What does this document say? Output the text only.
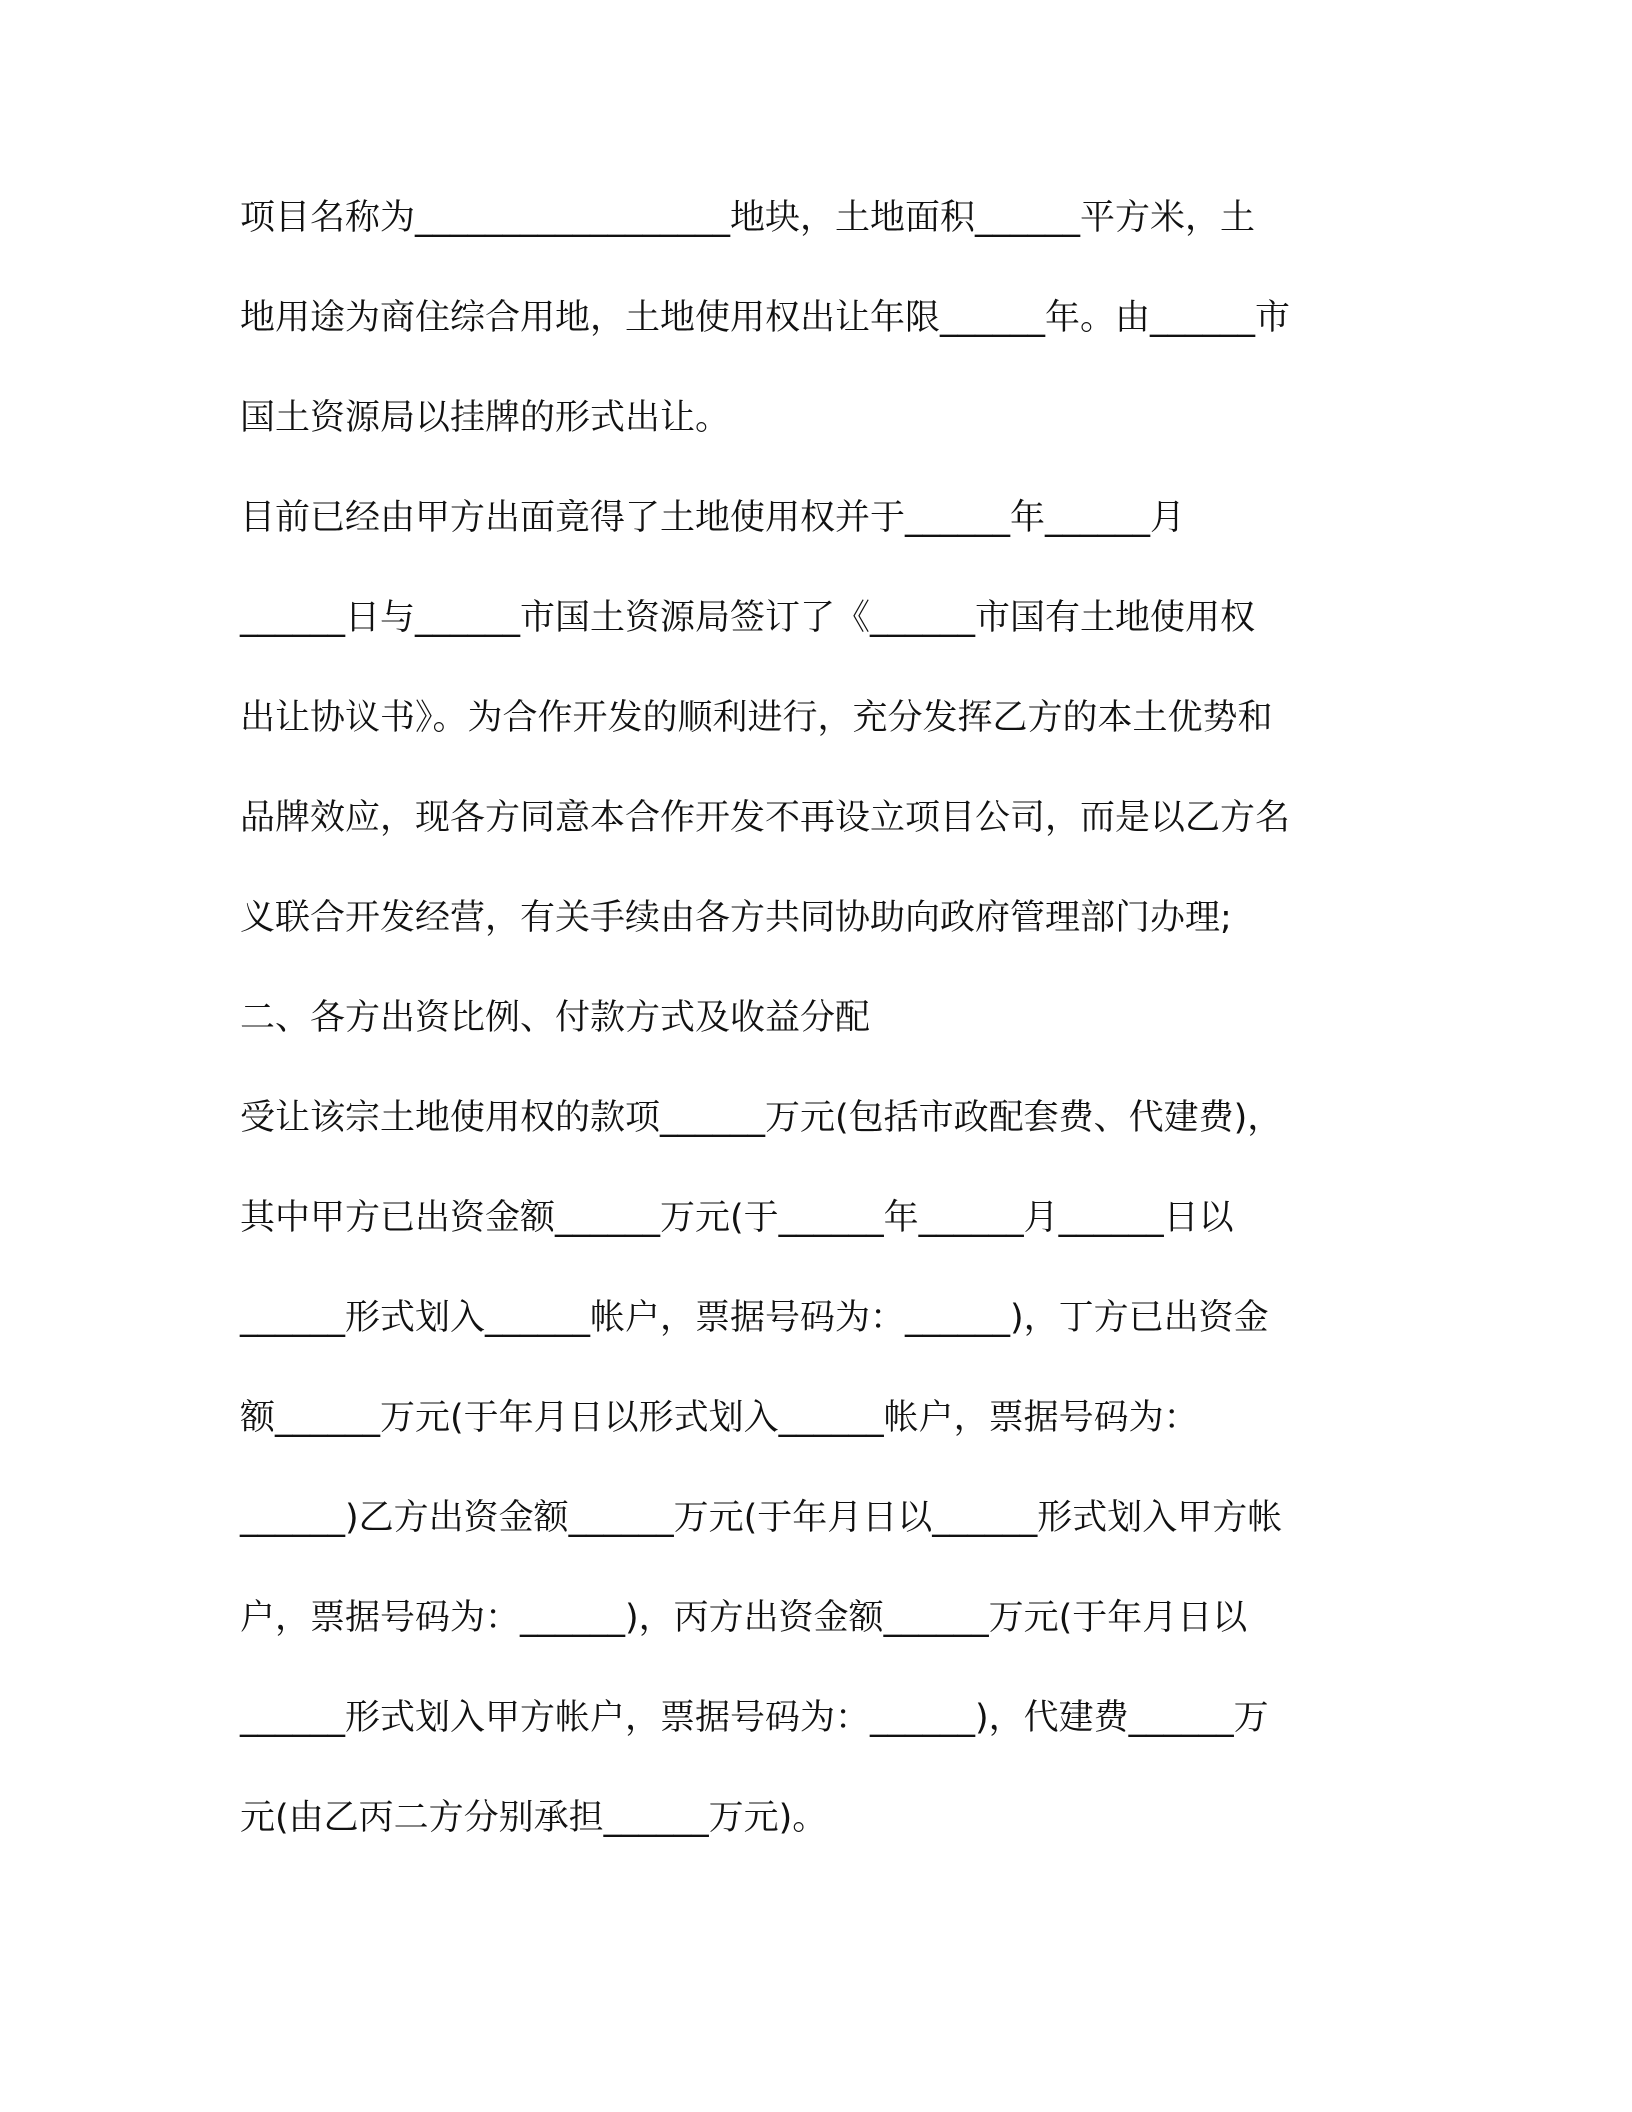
项目名称为__________________地块，土地面积______平方米，土
地用途为商住综合用地，土地使用权出让年限______年。由______市
国土资源局以挂牌的形式出让。
目前已经由甲方出面竟得了土地使用权并于______年______月
______日与______市国土资源局签订了《______市国有土地使用权
出让协议书》。为合作开发的顺利进行，充分发挥乙方的本土优势和
品牌效应，现各方同意本合作开发不再设立项目公司，而是以乙方名
义联合开发经营，有关手续由各方共同协助向政府管理部门办理;
二、各方出资比例、付款方式及收益分配
受让该宗土地使用权的款项______万元(包括市政配套费、代建费)，
其中甲方已出资金额______万元(于______年______月______日以
______形式划入______帐户，票据号码为：______)，丁方已出资金
额______万元(于年月日以形式划入______帐户，票据号码为：
______)乙方出资金额______万元(于年月日以______形式划入甲方帐
户，票据号码为：______)，丙方出资金额______万元(于年月日以
______形式划入甲方帐户，票据号码为：______)，代建费______万
元(由乙丙二方分别承担______万元)。
